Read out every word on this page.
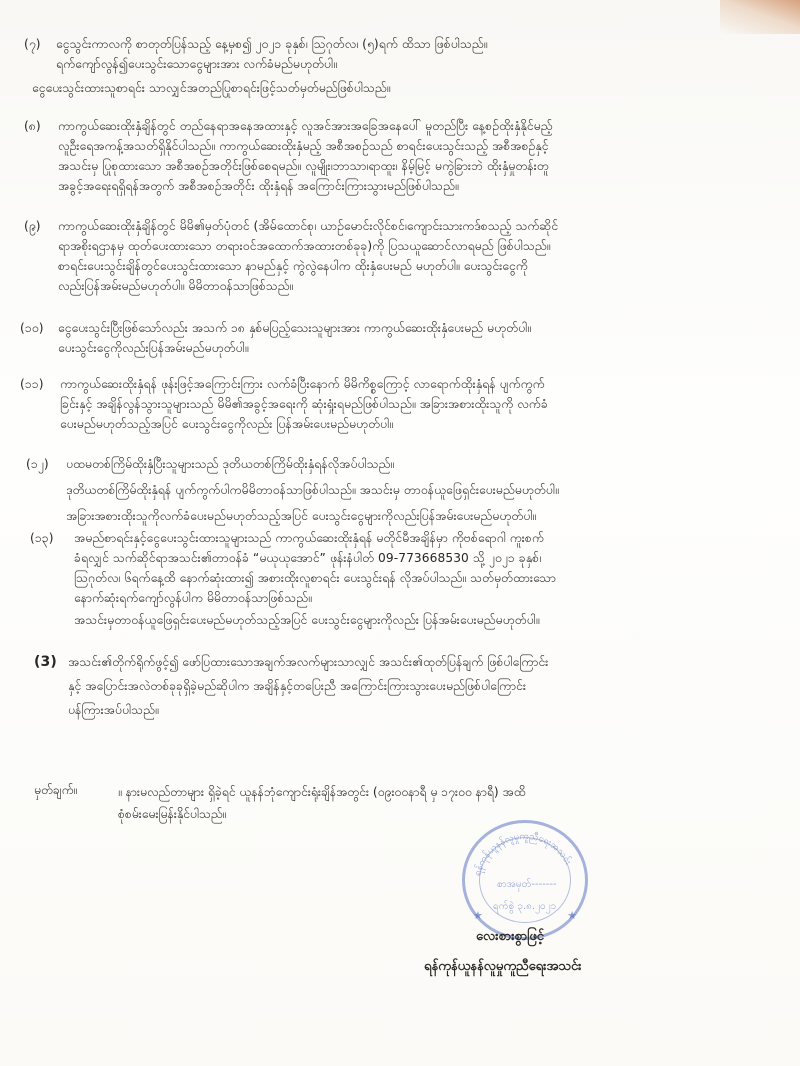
(၇) ငွေသွင်းကာလကို စာတုတ်ပြန်သည့် နေ့မှစ၍ ၂၀၂၁ ခုနှစ်၊ ဩဂုတ်လ၊ (၅)ရက် ထိသာ ဖြစ်ပါသည်။
ရက်ကျော်လွန်၍ပေးသွင်းသောငွေများအား လက်ခံမည်မဟုတ်ပါ။
ငွေပေးသွင်းထားသူစာရင်း သာလျှင်အတည်ပြုစာရင်းဖြင့်သတ်မှတ်မည်ဖြစ်ပါသည်။
(၈) ကာကွယ်ဆေးထိုးနှံချိန်တွင် တည်နေရာအနေအထားနှင့် လူအင်အားအခြေအနေပေါ် မူတည်ပြီး နေ့စဉ်ထိုးနှံနိုင်မည့်
လူဦးရေအကန့်အသတ်ရှိနိုင်ပါသည်။ ကာကွယ်ဆေးထိုးနှံမည့် အစီအစဉ်သည် စာရင်းပေးသွင်းသည့် အစီအစဉ်နှင့်
အသင်းမှ ပြုစုထားသော အစီအစဉ်အတိုင်းဖြစ်စေရမည်။ လူမျိုး၊ဘာသာ၊ရာထူး၊ နိမ့်မြင့် မကွဲခြားဘဲ ထိုးနှံမှုတန်းတူ
အခွင့်အရေးရရှိရန်အတွက် အစီအစဉ်အတိုင်း ထိုးနှံရန် အကြောင်းကြားသွားမည်ဖြစ်ပါသည်။
(၉) ကာကွယ်ဆေးထိုးနှံချိန်တွင် မိမိ၏မှတ်ပုံတင် (အိမ်ထောင်စု၊ ယာဉ်မောင်းလိုင်စင်၊ကျောင်းသားကဒ်စသည့် သက်ဆိုင်
ရာအစိုးရဌာနမှ ထုတ်ပေးထားသော တရားဝင်အထောက်အထားတစ်ခုခု)ကို ပြသယူဆောင်လာရမည် ဖြစ်ပါသည်။
စာရင်းပေးသွင်းချိန်တွင်ပေးသွင်းထားသော နာမည်နှင့် ကွဲလွဲနေပါက ထိုးနှံပေးမည် မဟုတ်ပါ။ ပေးသွင်းငွေကို
လည်းပြန်အမ်းမည်မဟုတ်ပါ။ မိမိတာဝန်သာဖြစ်သည်။
(၁၀) ငွေပေးသွင်းပြီးဖြစ်သော်လည်း အသက် ၁၈ နှစ်မပြည့်သေးသူများအား ကာကွယ်ဆေးထိုးနှံပေးမည် မဟုတ်ပါ။
ပေးသွင်းငွေကိုလည်းပြန်အမ်းမည်မဟုတ်ပါ။
(၁၁) ကာကွယ်ဆေးထိုးနှံရန် ဖုန်းဖြင့်အကြောင်းကြား လက်ခံပြီးနောက် မိမိကိစ္စကြောင့် လာရောက်ထိုးနှံရန် ပျက်ကွက်
ခြင်းနှင့် အချိန်လွန်သွားသူများသည် မိမိ၏အခွင့်အရေးကို ဆုံးရှုံးရမည်ဖြစ်ပါသည်။ အခြားအစားထိုးသူကို လက်ခံ
ပေးမည်မဟုတ်သည့်အပြင် ပေးသွင်းငွေကိုလည်း ပြန်အမ်းပေးမည်မဟုတ်ပါ။
(၁၂) ပထမတစ်ကြိမ်ထိုးနှံပြီးသူများသည် ဒုတိယတစ်ကြိမ်ထိုးနှံရန်လိုအပ်ပါသည်။
ဒုတိယတစ်ကြိမ်ထိုးနှံရန် ပျက်ကွက်ပါကမိမိတာဝန်သာဖြစ်ပါသည်။ အသင်းမှ တာဝန်ယူဖြေရှင်းပေးမည်မဟုတ်ပါ။
အခြားအစားထိုးသူကိုလက်ခံပေးမည်မဟုတ်သည့်အပြင် ပေးသွင်းငွေများကိုလည်းပြန်အမ်းပေးမည်မဟုတ်ပါ။
(၁၃) အမည်စာရင်းနှင့်ငွေပေးသွင်းထားသူများသည် ကာကွယ်ဆေးထိုးနှံရန် မတိုင်မီအချိန်မှာ ကိုဗစ်ရောဂါ ကူးစက်
ခံရလျှင် သက်ဆိုင်ရာအသင်း၏တာဝန်ခံ “မယုယုအောင်” ဖုန်းနံပါတ် 09-773668530 သို့ ၂၀၂၁ ခုနှစ်၊
ဩဂုတ်လ၊ ၆ရက်နေ့ထိ နောက်ဆုံးထား၍ အစားထိုးလူစာရင်း ပေးသွင်းရန် လိုအပ်ပါသည်။ သတ်မှတ်ထားသော
နောက်ဆုံးရက်ကျော်လွန်ပါက မိမိတာဝန်သာဖြစ်သည်။
အသင်းမှတာဝန်ယူဖြေရှင်းပေးမည်မဟုတ်သည့်အပြင် ပေးသွင်းငွေများကိုလည်း ပြန်အမ်းပေးမည်မဟုတ်ပါ။
(3) အသင်း၏တိုက်ရိုက်ဖွင့်၍ ဖော်ပြထားသောအချက်အလက်များသာလျှင် အသင်း၏ထုတ်ပြန်ချက် ဖြစ်ပါကြောင်း
နှင့် အပြောင်းအလဲတစ်ခုခုရှိခဲ့မည်ဆိုပါက အချိန်နှင့်တပြေးညီ အကြောင်းကြားသွားပေးမည်ဖြစ်ပါကြောင်း
ပန်ကြားအပ်ပါသည်။
မှတ်ချက်။	။ နားမလည်တာများ ရှိခဲ့ရင် ယူနန်ဘုံကျောင်းရုံးချိန်အတွင်း (၀၉း၀၀နာရီ မှ ၁၇း၀၀ နာရီ) အထိ
စုံစမ်းမေးမြန်းနိုင်ပါသည်။
ရန်ကုန်ယူနန်လူမှုကူညီရေးအသင်း
စာအမှတ်-------
ရက်စွဲ ၃.၈.၂၀၂၁
★	★
လေးစားစွာဖြင့်
ရန်ကုန်ယူနန်လူမှုကူညီရေးအသင်း
